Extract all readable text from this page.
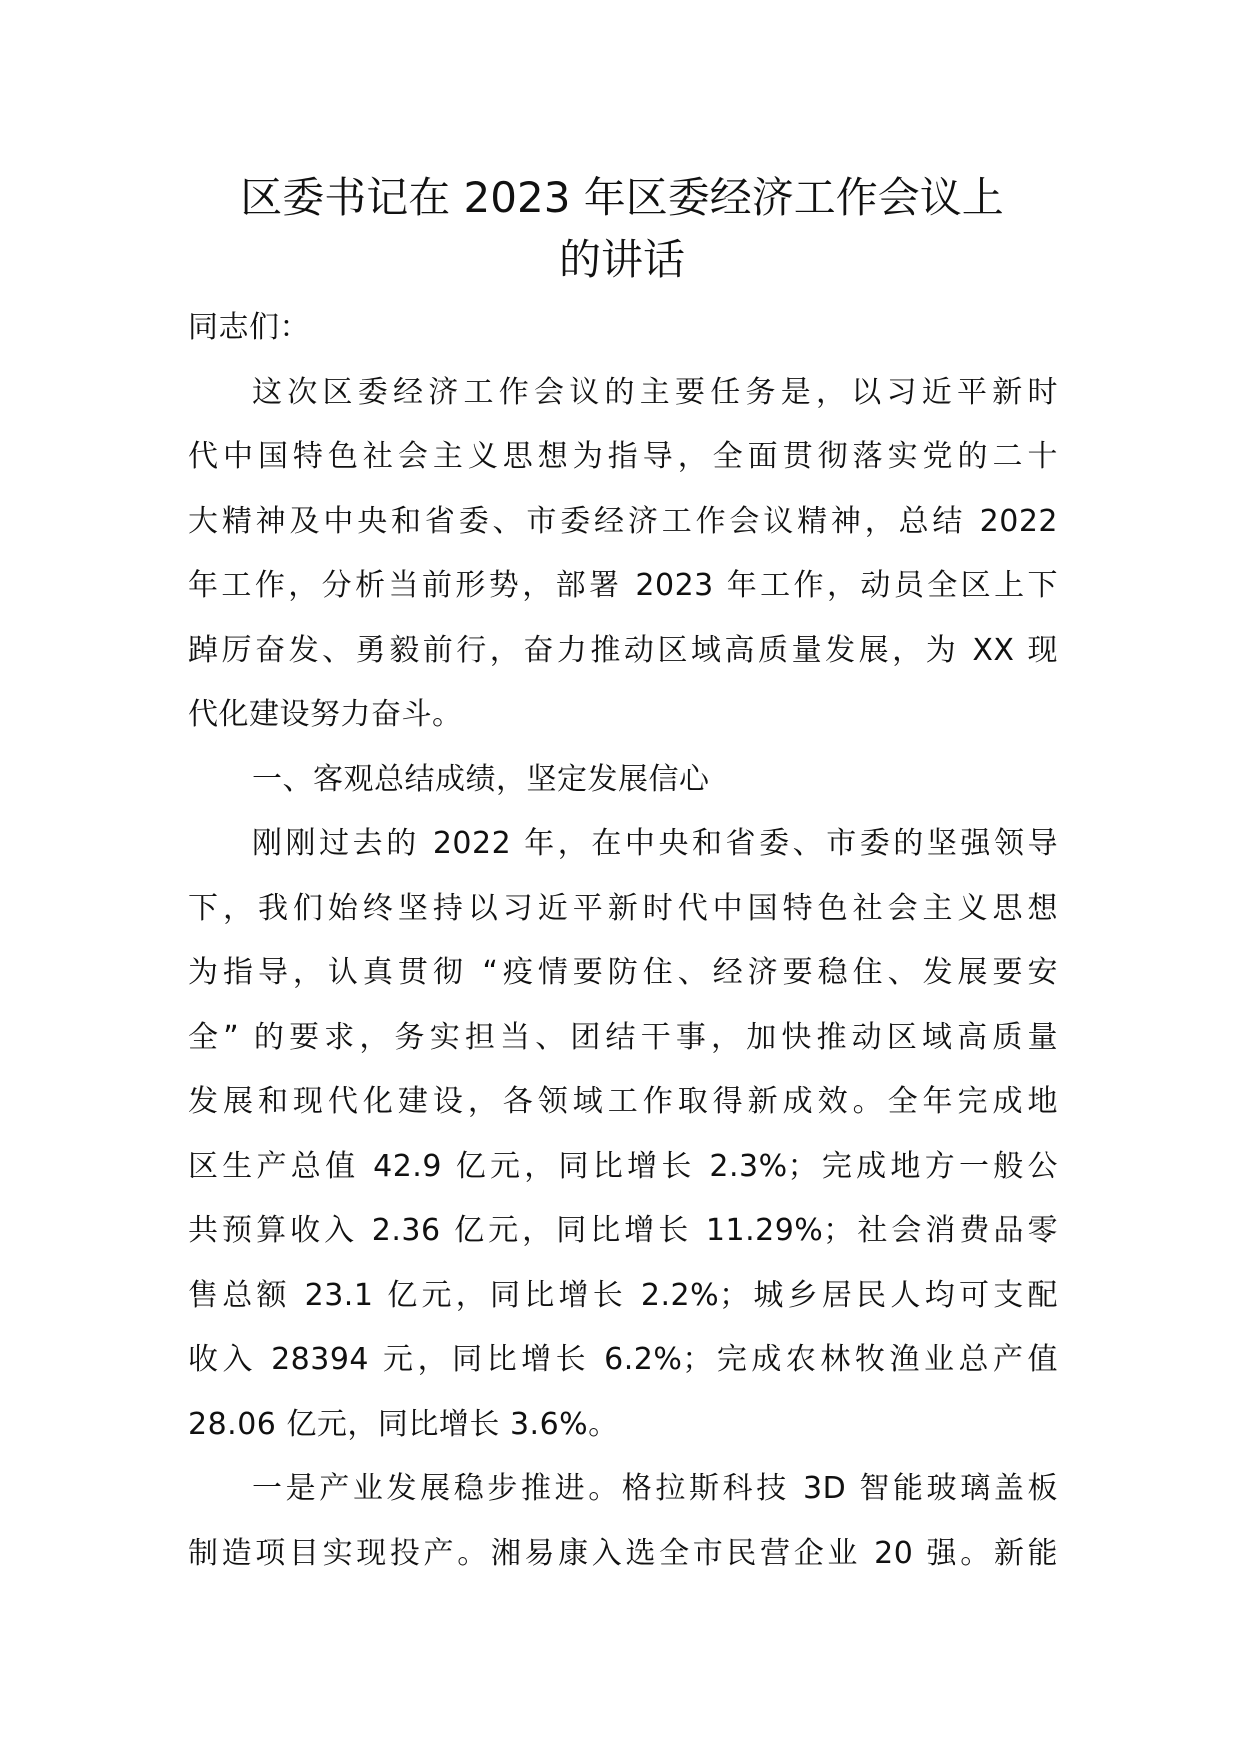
区委书记在 2023 年区委经济工作会议上
的讲话
同志们：
这次区委经济工作会议的主要任务是，以习近平新时
代中国特色社会主义思想为指导，全面贯彻落实党的二十
大精神及中央和省委、市委经济工作会议精神，总结 2022
年工作，分析当前形势，部署 2023 年工作，动员全区上下
踔厉奋发、勇毅前行，奋力推动区域高质量发展，为 XX 现
代化建设努力奋斗。
一、客观总结成绩，坚定发展信心
刚刚过去的 2022 年，在中央和省委、市委的坚强领导
下，我们始终坚持以习近平新时代中国特色社会主义思想
为指导，认真贯彻 “疫情要防住、经济要稳住、发展要安
全” 的要求，务实担当、团结干事，加快推动区域高质量
发展和现代化建设，各领域工作取得新成效。全年完成地
区生产总值 42.9 亿元，同比增长 2.3%；完成地方一般公
共预算收入 2.36 亿元，同比增长 11.29%；社会消费品零
售总额 23.1 亿元，同比增长 2.2%；城乡居民人均可支配
收入 28394 元，同比增长 6.2%；完成农林牧渔业总产值
28.06 亿元，同比增长 3.6%。
一是产业发展稳步推进。格拉斯科技 3D 智能玻璃盖板
制造项目实现投产。湘易康入选全市民营企业 20 强。新能
